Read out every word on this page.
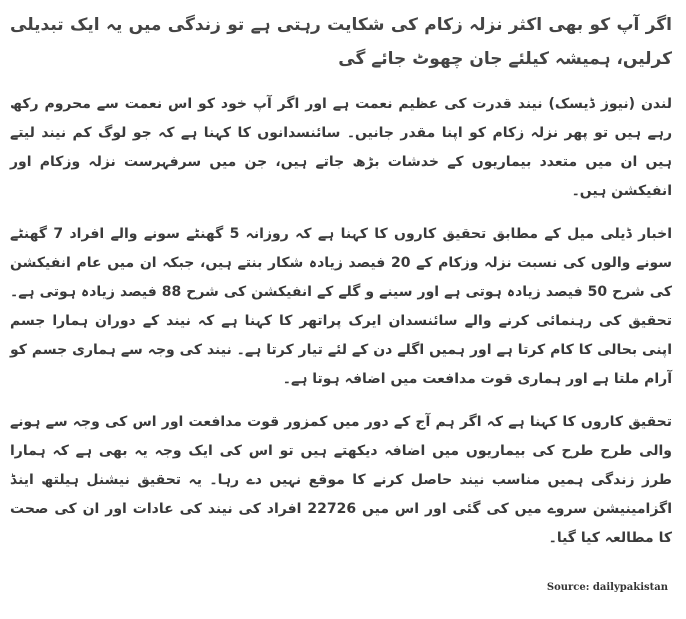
اگر آپ کو بھی اکثر نزلہ زکام کی شکایت رہتی ہے تو زندگی میں یہ ایک تبدیلی کرلیں، ہمیشہ کیلئے جان چھوٹ جائے گی

لندن (نیوز ڈیسک) نیند قدرت کی عظیم نعمت ہے اور اگر آپ خود کو اس نعمت سے محروم رکھ رہے ہیں تو پھر نزلہ زکام کو اپنا مقدر جانیں۔ سائنسدانوں کا کہنا ہے کہ جو لوگ کم نیند لیتے ہیں ان میں متعدد بیماریوں کے خدشات بڑھ جاتے ہیں، جن میں سرفہرست نزلہ وزکام اور انفیکشن ہیں۔

اخبار ڈیلی میل کے مطابق تحقیق کاروں کا کہنا ہے کہ روزانہ 5 گھنٹے سونے والے افراد 7 گھنٹے سونے والوں کی نسبت نزلہ وزکام کے 20 فیصد زیادہ شکار بنتے ہیں، جبکہ ان میں عام انفیکشن کی شرح 50 فیصد زیادہ ہوتی ہے اور سینے و گلے کے انفیکشن کی شرح 88 فیصد زیادہ ہوتی ہے۔ تحقیق کی رہنمائی کرنے والے سائنسدان ایرک پراتھر کا کہنا ہے کہ نیند کے دوران ہمارا جسم اپنی بحالی کا کام کرتا ہے اور ہمیں اگلے دن کے لئے تیار کرتا ہے۔ نیند کی وجہ سے ہماری جسم کو آرام ملتا ہے اور ہماری قوت مدافعت میں اضافہ ہوتا ہے۔

تحقیق کاروں کا کہنا ہے کہ اگر ہم آج کے دور میں کمزور قوت مدافعت اور اس کی وجہ سے ہونے والی طرح طرح کی بیماریوں میں اضافہ دیکھتے ہیں تو اس کی ایک وجہ یہ بھی ہے کہ ہمارا طرز زندگی ہمیں مناسب نیند حاصل کرنے کا موقع نہیں دے رہا۔ یہ تحقیق نیشنل ہیلتھ اینڈ اگزامینیشن سروے میں کی گئی اور اس میں 22726 افراد کی نیند کی عادات اور ان کی صحت کا مطالعہ کیا گیا۔

Source: dailypakistan
